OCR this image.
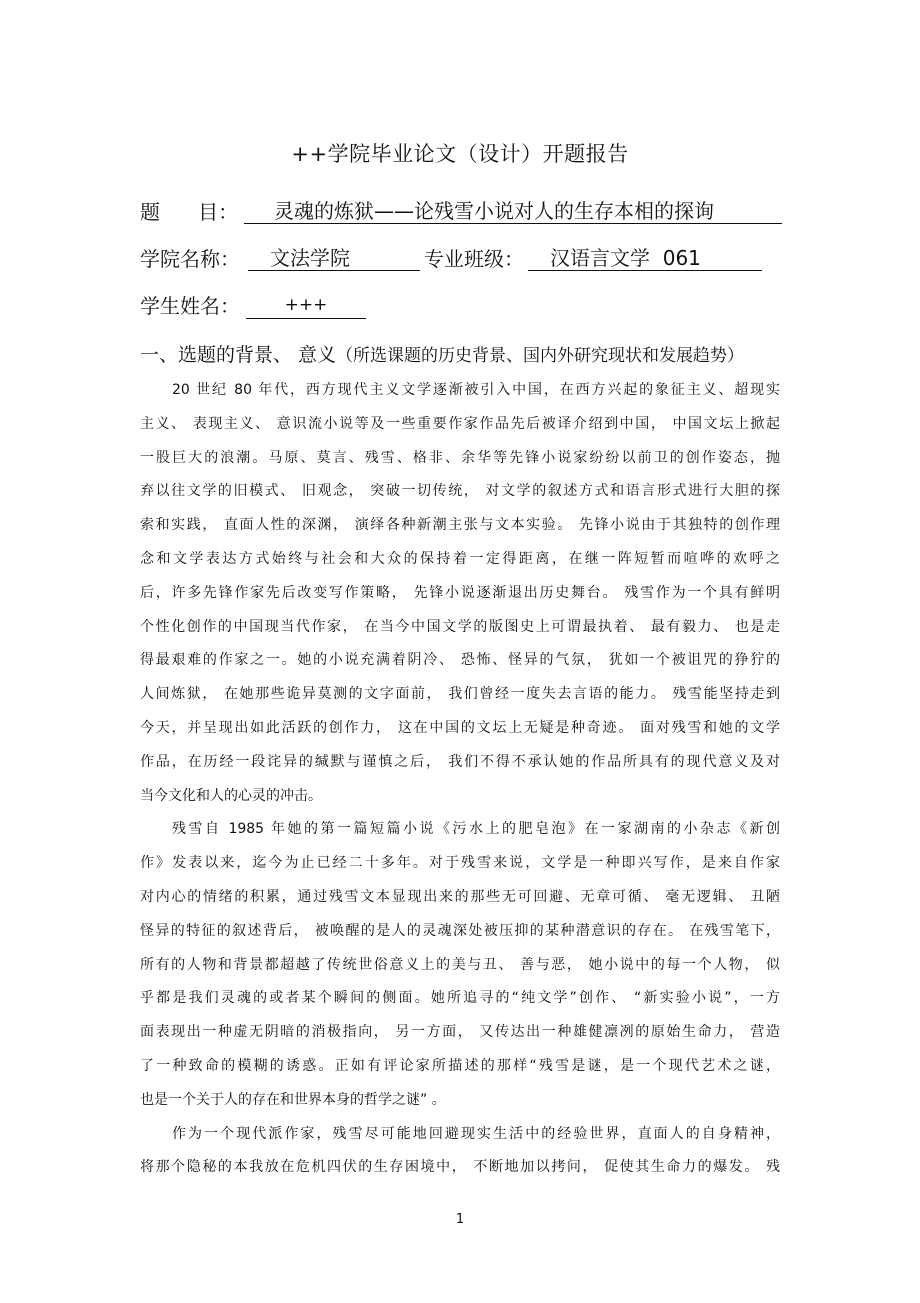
++学院毕业论文（设计）开题报告
题      目：	灵魂的炼狱——论残雪小说对人的生存本相的探询
学院名称：	文法学院	专业班级：	汉语言文学  061
学生姓名：	+++
一、选题的背景、 意义（所选课题的历史背景、国内外研究现状和发展趋势）
20 世纪 80 年代，西方现代主义文学逐渐被引入中国，在西方兴起的象征主义、超现实
主义、 表现主义、 意识流小说等及一些重要作家作品先后被译介绍到中国， 中国文坛上掀起
一股巨大的浪潮。马原、莫言、残雪、格非、余华等先锋小说家纷纷以前卫的创作姿态，抛
弃以往文学的旧模式、 旧观念， 突破一切传统， 对文学的叙述方式和语言形式进行大胆的探
索和实践， 直面人性的深渊， 演绎各种新潮主张与文本实验。 先锋小说由于其独特的创作理
念和文学表达方式始终与社会和大众的保持着一定得距离，在继一阵短暂而喧哗的欢呼之
后，许多先锋作家先后改变写作策略， 先锋小说逐渐退出历史舞台。 残雪作为一个具有鲜明
个性化创作的中国现当代作家， 在当今中国文学的版图史上可谓最执着、 最有毅力、 也是走
得最艰难的作家之一。她的小说充满着阴冷、 恐怖、怪异的气氛， 犹如一个被诅咒的狰狞的
人间炼狱， 在她那些诡异莫测的文字面前， 我们曾经一度失去言语的能力。 残雪能坚持走到
今天，并呈现出如此活跃的创作力， 这在中国的文坛上无疑是种奇迹。 面对残雪和她的文学
作品，在历经一段诧异的缄默与谨慎之后， 我们不得不承认她的作品所具有的现代意义及对
当今文化和人的心灵的冲击。
残雪自 1985 年她的第一篇短篇小说《污水上的肥皂泡》在一家湖南的小杂志《新创
作》发表以来，迄今为止已经二十多年。对于残雪来说，文学是一种即兴写作，是来自作家
对内心的情绪的积累，通过残雪文本显现出来的那些无可回避、无章可循、 毫无逻辑、 丑陋
怪异的特征的叙述背后， 被唤醒的是人的灵魂深处被压抑的某种潜意识的存在。 在残雪笔下，
所有的人物和背景都超越了传统世俗意义上的美与丑、 善与恶， 她小说中的每一个人物， 似
乎都是我们灵魂的或者某个瞬间的侧面。她所追寻的“纯文学”创作、 “新实验小说”，一方
面表现出一种虚无阴暗的消极指向， 另一方面， 又传达出一种雄健凛冽的原始生命力， 营造
了一种致命的模糊的诱惑。正如有评论家所描述的那样“残雪是谜，是一个现代艺术之谜，
也是一个关于人的存在和世界本身的哲学之谜” 。
作为一个现代派作家，残雪尽可能地回避现实生活中的经验世界，直面人的自身精神，
将那个隐秘的本我放在危机四伏的生存困境中， 不断地加以拷问， 促使其生命力的爆发。 残
1
